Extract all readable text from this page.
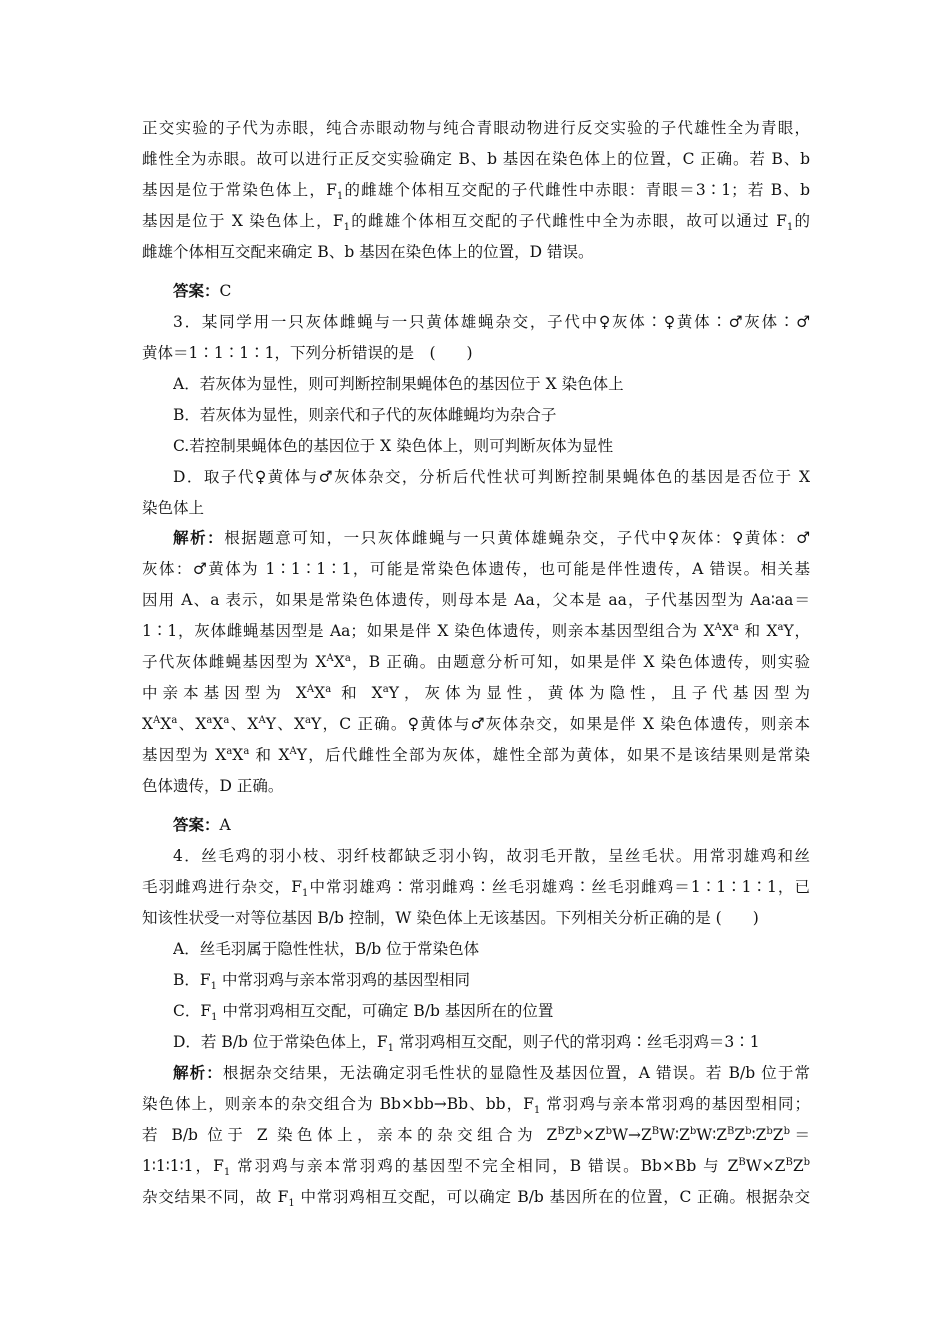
正交实验的子代为赤眼，纯合赤眼动物与纯合青眼动物进行反交实验的子代雄性全为青眼，
雌性全为赤眼。故可以进行正反交实验确定 B、b 基因在染色体上的位置，C 正确。若 B、b
基因是位于常染色体上，$F_1$的雌雄个体相互交配的子代雌性中赤眼：青眼＝3∶1；若 B、b
基因是位于 X 染色体上，$F_1$的雌雄个体相互交配的子代雌性中全为赤眼，故可以通过 $F_1$的
雌雄个体相互交配来确定 B、b 基因在染色体上的位置，D 错误。
答案：C
3．某同学用一只灰体雌蝇与一只黄体雄蝇杂交，子代中♀灰体∶♀黄体∶♂灰体∶♂
黄体＝1∶1∶1∶1，下列分析错误的是　(　　)
A．若灰体为显性，则可判断控制果蝇体色的基因位于 X 染色体上
B．若灰体为显性，则亲代和子代的灰体雌蝇均为杂合子
C.若控制果蝇体色的基因位于 X 染色体上，则可判断灰体为显性
D．取子代♀黄体与♂灰体杂交，分析后代性状可判断控制果蝇体色的基因是否位于 X
染色体上
解析：根据题意可知，一只灰体雌蝇与一只黄体雄蝇杂交，子代中♀灰体：♀黄体：♂
灰体：♂黄体为 1∶1∶1∶1，可能是常染色体遗传，也可能是伴性遗传，A 错误。相关基
因用 A、a 表示，如果是常染色体遗传，则母本是 Aa，父本是 aa，子代基因型为 Aa∶aa＝
1∶1，灰体雌蝇基因型是 Aa；如果是伴 X 染色体遗传，则亲本基因型组合为 $X^AX^a$ 和 $X^aY$，
子代灰体雌蝇基因型为 $X^AX^a$，B 正确。由题意分析可知，如果是伴 X 染色体遗传，则实验
中亲本基因型为 $X^AX^a$ 和 $X^aY$，灰体为显性，黄体为隐性，且子代基因型为
$X^AX^a$、$X^aX^a$、$X^AY$、$X^aY$，C 正确。♀黄体与♂灰体杂交，如果是伴 X 染色体遗传，则亲本
基因型为 $X^aX^a$ 和 $X^AY$，后代雌性全部为灰体，雄性全部为黄体，如果不是该结果则是常染
色体遗传，D 正确。
答案：A
4．丝毛鸡的羽小枝、羽纤枝都缺乏羽小钩，故羽毛开散，呈丝毛状。用常羽雄鸡和丝
毛羽雌鸡进行杂交，$F_1$中常羽雄鸡∶常羽雌鸡∶丝毛羽雄鸡∶丝毛羽雌鸡＝1∶1∶1∶1，已
知该性状受一对等位基因 B/b 控制，W 染色体上无该基因。下列相关分析正确的是 (　　)
A．丝毛羽属于隐性性状，B/b 位于常染色体
B．$F_1$ 中常羽鸡与亲本常羽鸡的基因型相同
C．$F_1$ 中常羽鸡相互交配，可确定 B/b 基因所在的位置
D．若 B/b 位于常染色体上，$F_1$ 常羽鸡相互交配，则子代的常羽鸡∶丝毛羽鸡＝3∶1
解析：根据杂交结果，无法确定羽毛性状的显隐性及基因位置，A 错误。若 B/b 位于常
染色体上，则亲本的杂交组合为 Bb×bb→Bb、bb，$F_1$ 常羽鸡与亲本常羽鸡的基因型相同；
若 B/b 位于 Z 染色体上，亲本的杂交组合为 $Z^BZ^b\times Z^bW\to Z^BW∶Z^bW∶Z^BZ^b∶Z^bZ^b=$
1∶1∶1∶1，$F_1$ 常羽鸡与亲本常羽鸡的基因型不完全相同，B 错误。Bb×Bb 与 $Z^BW\times Z^BZ^b$
杂交结果不同，故 $F_1$ 中常羽鸡相互交配，可以确定 B/b 基因所在的位置，C 正确。根据杂交
